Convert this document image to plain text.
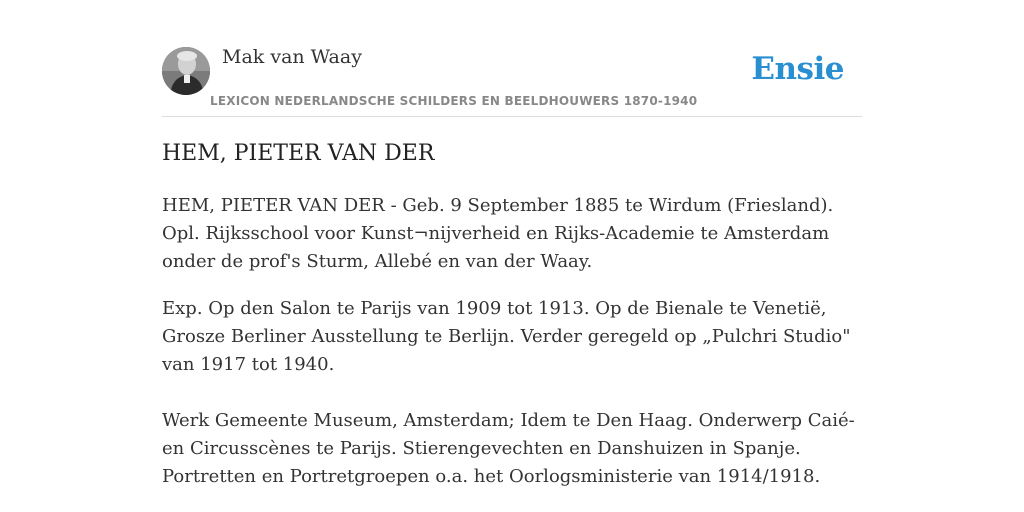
Mak van Waay
LEXICON NEDERLANDSCHE SCHILDERS EN BEELDHOUWERS 1870-1940
Ensie
HEM, PIETER VAN DER

HEM, PIETER VAN DER - Geb. 9 September 1885 te Wirdum (Friesland). Opl. Rijksschool voor Kunst¬nijverheid en Rijks-Academie te Amsterdam onder de prof's Sturm, Allebé en van der Waay.

Exp. Op den Salon te Parijs van 1909 tot 1913. Op de Bienale te Venetië, Grosze Berliner Ausstellung te Berlijn. Verder geregeld op „Pulchri Studio" van 1917 tot 1940.

Werk Gemeente Museum, Amsterdam; Idem te Den Haag. Onderwerp Caié- en Circusscènes te Parijs. Stierengevechten en Danshuizen in Spanje. Portretten en Portretgroepen o.a. het Oorlogsministerie van 1914/1918.
